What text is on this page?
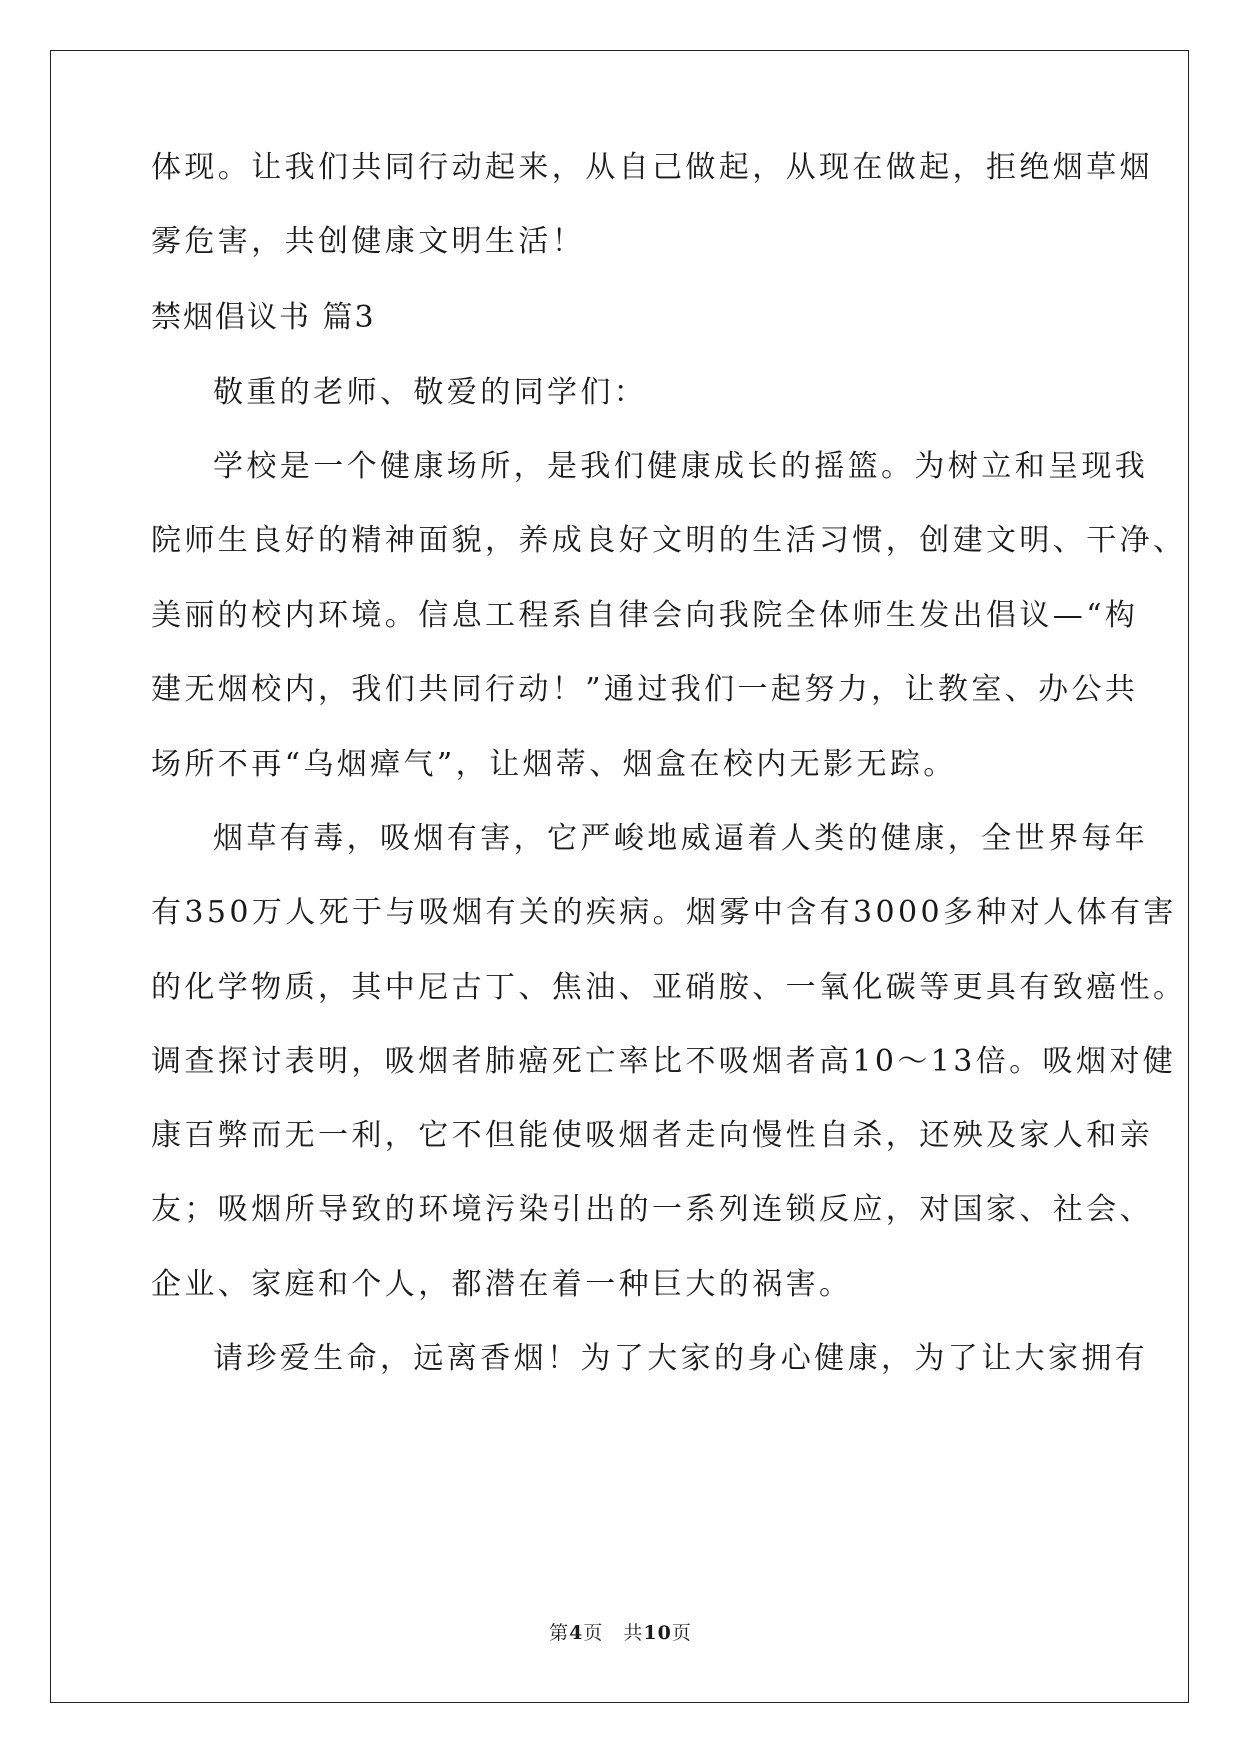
体现。让我们共同行动起来，从自己做起，从现在做起，拒绝烟草烟
雾危害，共创健康文明生活！
禁烟倡议书 篇3
敬重的老师、敬爱的同学们：
学校是一个健康场所，是我们健康成长的摇篮。为树立和呈现我
院师生良好的精神面貌，养成良好文明的生活习惯，创建文明、干净、
美丽的校内环境。信息工程系自律会向我院全体师生发出倡议—“构
建无烟校内，我们共同行动！”通过我们一起努力，让教室、办公共
场所不再“乌烟瘴气”，让烟蒂、烟盒在校内无影无踪。
烟草有毒，吸烟有害，它严峻地威逼着人类的健康，全世界每年
有350万人死于与吸烟有关的疾病。烟雾中含有3000多种对人体有害
的化学物质，其中尼古丁、焦油、亚硝胺、一氧化碳等更具有致癌性。
调查探讨表明，吸烟者肺癌死亡率比不吸烟者高10～13倍。吸烟对健
康百弊而无一利，它不但能使吸烟者走向慢性自杀，还殃及家人和亲
友；吸烟所导致的环境污染引出的一系列连锁反应，对国家、社会、
企业、家庭和个人，都潜在着一种巨大的祸害。
请珍爱生命，远离香烟！为了大家的身心健康，为了让大家拥有
第4页 共10页
